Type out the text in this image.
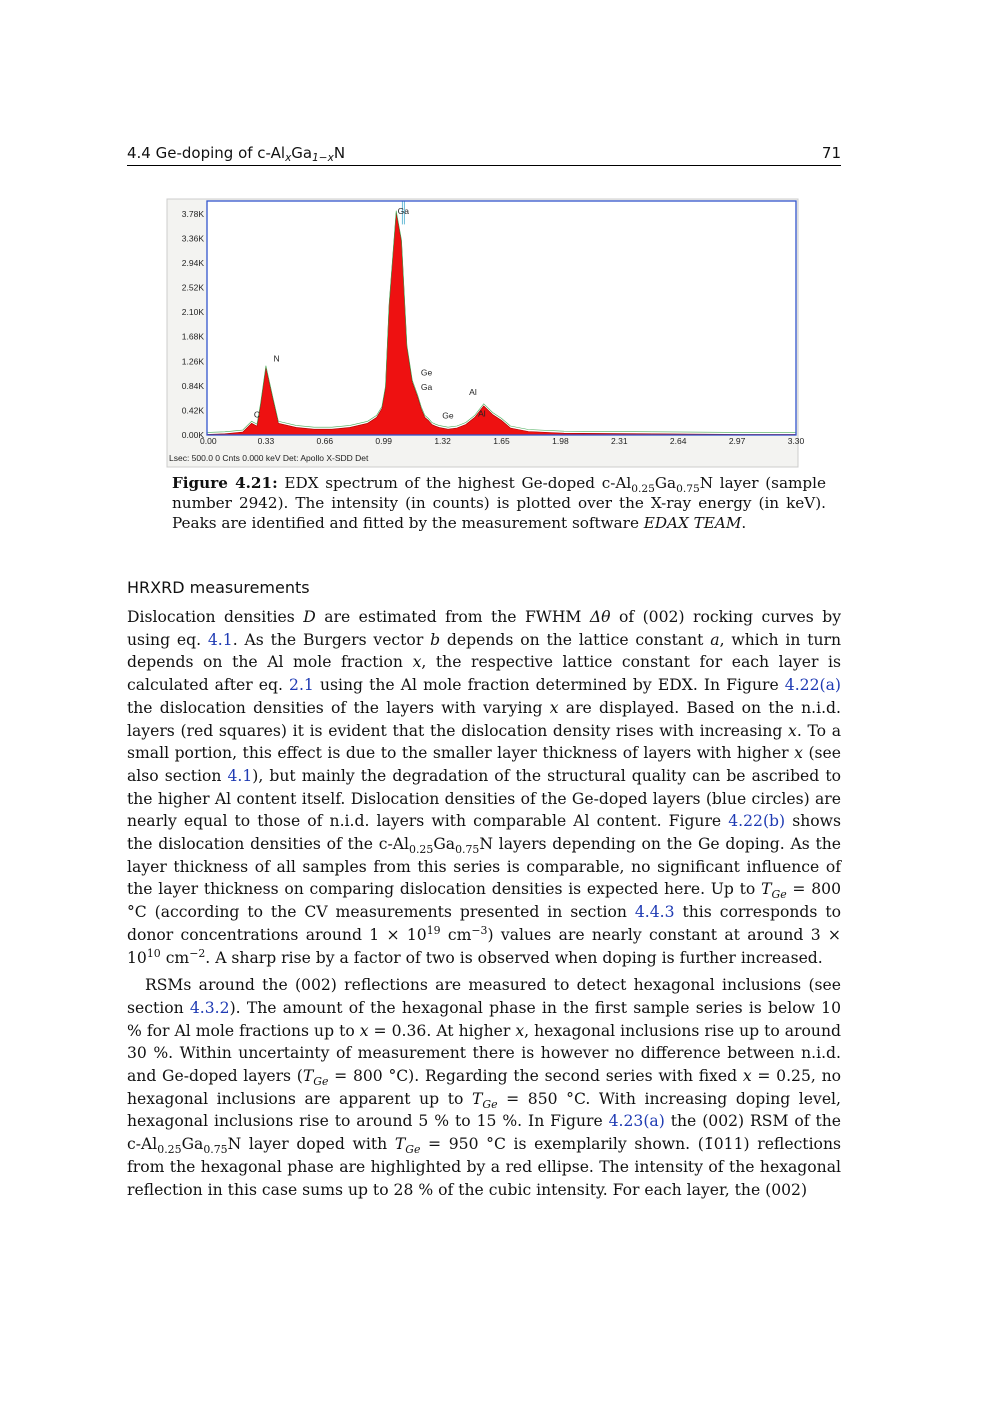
4.4 Ge-doping of $c-Al_xGa_{1-x}N$	71
0.00K
0.42K
0.84K
1.26K
1.68K
2.10K
2.52K
2.94K
3.36K
3.78K
0.00	0.33	0.66	0.99	1.32	1.65	1.98	2.31	2.64	2.97	3.30
Ga
N
Ge
Ga
C	Ge
Al
Al
Lsec: 500.0 0 Cnts 0.000 keV Det: Apollo X-SDD Det
Figure 4.21: EDX spectrum of the highest Ge-doped $c-Al_{0.25}Ga_{0.75}N$ layer (sample number 2942). The intensity (in counts) is plotted over the X-ray energy (in keV). Peaks are identified and fitted by the measurement software EDAX TEAM.
HRXRD measurements

Dislocation densities D are estimated from the FWHM Δθ of (002) rocking curves by using eq. 4.1. As the Burgers vector b depends on the lattice constant a, which in turn depends on the Al mole fraction x, the respective lattice constant for each layer is calculated after eq. 2.1 using the Al mole fraction determined by EDX. In Figure 4.22(a) the dislocation densities of the layers with varying x are displayed. Based on the n.i.d. layers (red squares) it is evident that the dislocation density rises with increasing x. To a small portion, this effect is due to the smaller layer thickness of layers with higher x (see also section 4.1), but mainly the degradation of the structural quality can be ascribed to the higher Al content itself. Dislocation densities of the Ge-doped layers (blue circles) are nearly equal to those of n.i.d. layers with comparable Al content. Figure 4.22(b) shows the dislocation densities of the $c-Al_{0.25}Ga_{0.75}N$ layers depending on the Ge doping. As the layer thickness of all samples from this series is comparable, no significant influence of the layer thickness on comparing dislocation densities is expected here. Up to $T_{Ge} = 800$ °C (according to the CV measurements presented in section 4.4.3 this corresponds to donor concentrations around $1 \times 10^{19}$ $cm^{-3}$) values are nearly constant at around $3 \times 10^{10}$ $cm^{-2}$. A sharp rise by a factor of two is observed when doping is further increased.

RSMs around the (002) reflections are measured to detect hexagonal inclusions (see section 4.3.2). The amount of the hexagonal phase in the first sample series is below 10 % for Al mole fractions up to x = 0.36. At higher x, hexagonal inclusions rise up to around 30 %. Within uncertainty of measurement there is however no difference between n.i.d. and Ge-doped layers ($T_{Ge} = 800$ °C). Regarding the second series with fixed x = 0.25, no hexagonal inclusions are apparent up to $T_{Ge} = 850$ °C. With increasing doping level, hexagonal inclusions rise to around 5 % to 15 %. In Figure 4.23(a) the (002) RSM of the $c-Al_{0.25}Ga_{0.75}N$ layer doped with $T_{Ge} = 950$ °C is exemplarily shown. (1̄011) reflections from the hexagonal phase are highlighted by a red ellipse. The intensity of the hexagonal reflection in this case sums up to 28 % of the cubic intensity. For each layer, the (002)
